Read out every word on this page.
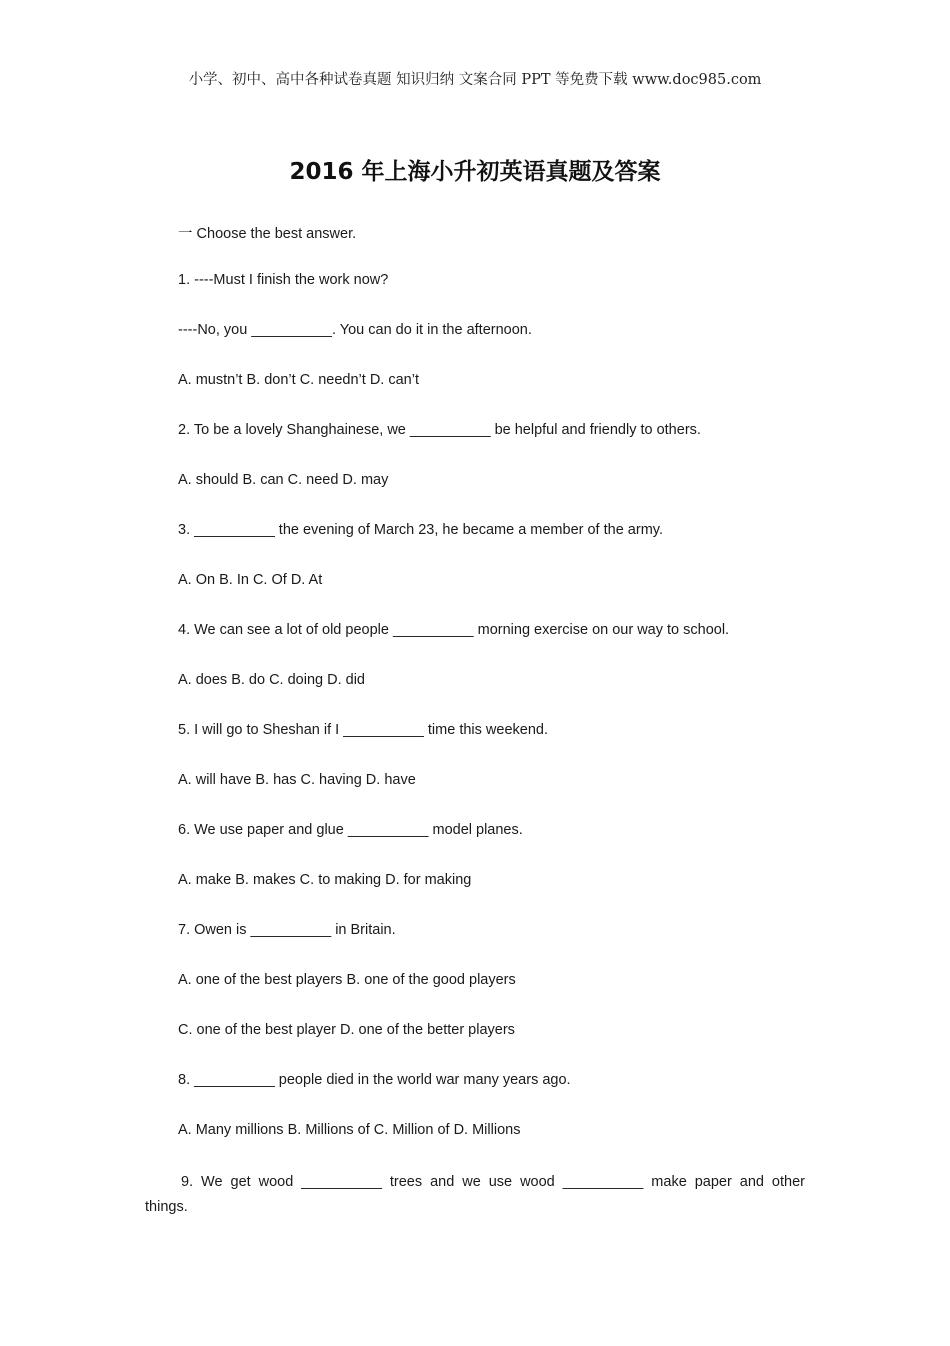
小学、初中、高中各种试卷真题 知识归纳 文案合同 PPT 等免费下载 www.doc985.com
2016 年上海小升初英语真题及答案
一 Choose the best answer.
1. ----Must I finish the work now?
----No, you __________. You can do it in the afternoon.
A. mustn’t B. don’t C. needn’t D. can’t
2. To be a lovely Shanghainese, we __________ be helpful and friendly to others.
A. should B. can C. need D. may
3. __________ the evening of March 23, he became a member of the army.
A. On B. In C. Of D. At
4. We can see a lot of old people __________ morning exercise on our way to school.
A. does B. do C. doing D. did
5. I will go to Sheshan if I __________ time this weekend.
A. will have B. has C. having D. have
6. We use paper and glue __________ model planes.
A. make B. makes C. to making D. for making
7. Owen is __________ in Britain.
A. one of the best players B. one of the good players
C. one of the best player D. one of the better players
8. __________ people died in the world war many years ago.
A. Many millions B. Millions of C. Million of D. Millions
9. We get wood __________ trees and we use wood __________ make paper and other
things.
